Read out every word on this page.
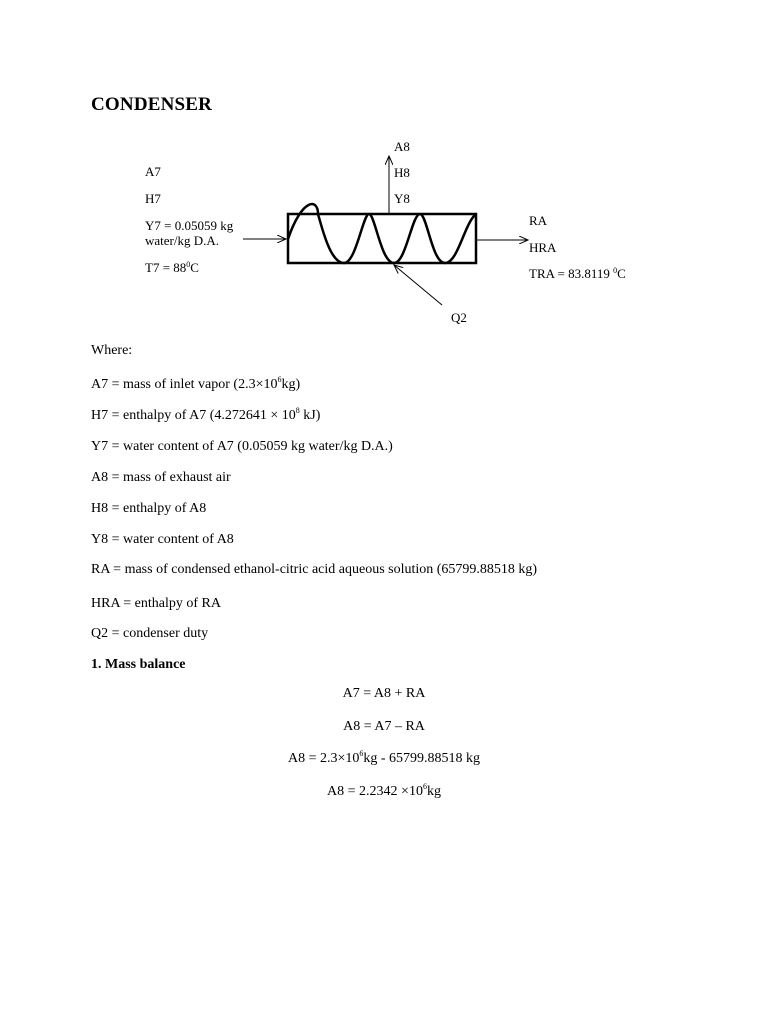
CONDENSER
A7
H7
Y7 = 0.05059 kg
water/kg D.A.
$T7 = 88^0C$
A8
H8
Y8
RA
HRA
TRA = 83.8119 $^0$C
Q2
Where:
A7 = mass of inlet vapor $(2.3\times 10^6kg)$
H7 = enthalpy of A7 ($4.272641 \times 10^8$ kJ)
Y7 = water content of A7 (0.05059 kg water/kg D.A.)
A8 = mass of exhaust air
H8 = enthalpy of A8
Y8 = water content of A8
RA = mass of condensed ethanol-citric acid aqueous solution (65799.88518 kg)
HRA = enthalpy of RA
Q2 = condenser duty
1. Mass balance
A7 = A8 + RA
A8 = A7 – RA
$A8 = 2.3\times 10^6kg - 65799.88518$ kg
$A8 = 2.2342 \times 10^6kg$
